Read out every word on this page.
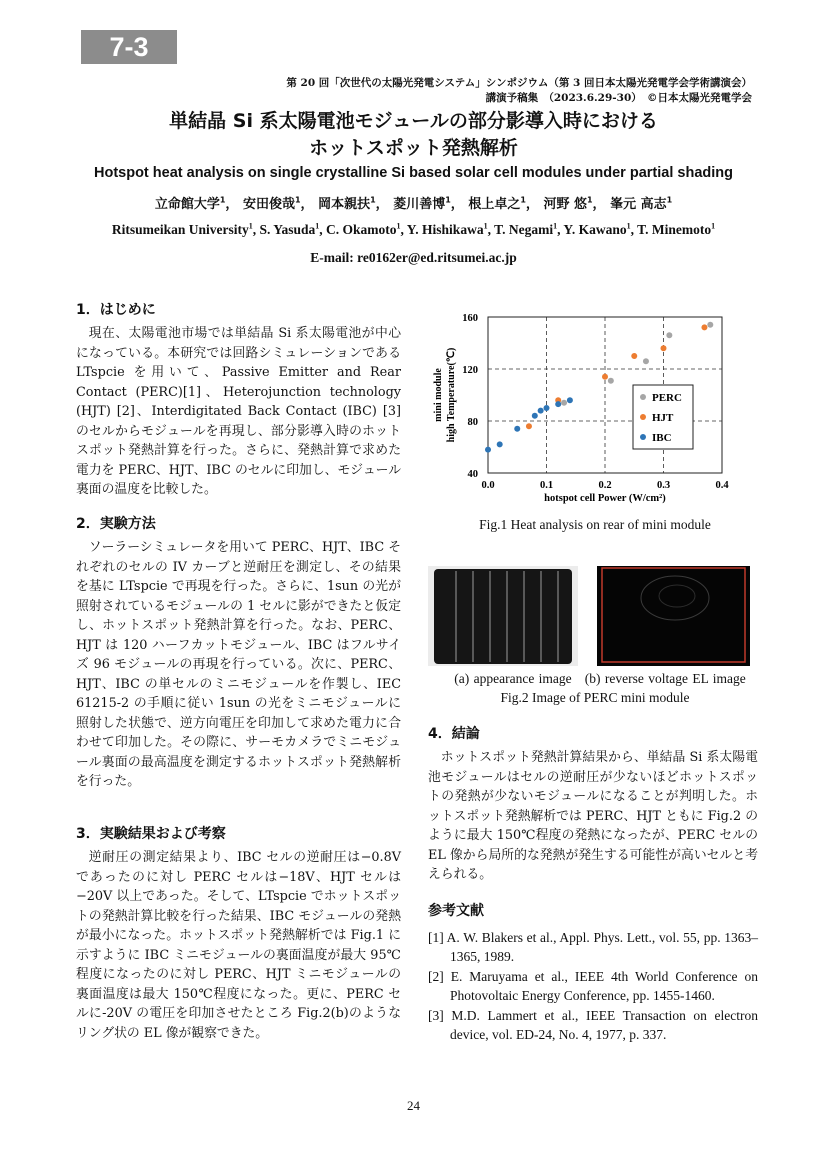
7-3
第 20 回「次世代の太陽光発電システム」シンポジウム（第 3 回日本太陽光発電学会学術講演会）
講演予稿集　（2023.6.29-30）　©日本太陽光発電学会
単結晶 Si 系太陽電池モジュールの部分影導入時における
ホットスポット発熱解析
Hotspot heat analysis on single crystalline Si based solar cell modules under partial shading
立命館大学$^1$， 安田俊哉$^1$， 岡本親扶$^1$， 菱川善博$^1$， 根上卓之$^1$， 河野 悠$^1$， 峯元 高志$^1$
Ritsumeikan University$^1$, S. Yasuda$^1$, C. Okamoto$^1$, Y. Hishikawa$^1$, T. Negami$^1$, Y. Kawano$^1$, T. Minemoto$^1$
E-mail: re0162er@ed.ritsumei.ac.jp
1．はじめに

現在、太陽電池市場では単結晶 Si 系太陽電池が中心になっている。本研究では回路シミュレーションである LTspcie を用いて、Passive Emitter and Rear Contact (PERC)[1]、Heterojunction technology (HJT) [2]、Interdigitated Back Contact (IBC) [3] のセルからモジュールを再現し、部分影導入時のホットスポット発熱計算を行った。さらに、発熱計算で求めた電力を PERC、HJT、IBC のセルに印加し、モジュール裏面の温度を比較した。

2．実験方法

ソーラーシミュレータを用いて PERC、HJT、IBC それぞれのセルの IV カーブと逆耐圧を測定し、その結果を基に LTspcie で再現を行った。さらに、1sun の光が照射されているモジュールの 1 セルに影ができたと仮定し、ホットスポット発熱計算を行った。なお、PERC、HJT は 120 ハーフカットモジュール、IBC はフルサイズ 96 モジュールの再現を行っている。次に、PERC、HJT、IBC の単セルのミニモジュールを作製し、IEC 61215-2 の手順に従い 1sun の光をミニモジュールに照射した状態で、逆方向電圧を印加して求めた電力に合わせて印加した。その際に、サーモカメラでミニモジュール裏面の最高温度を測定するホットスポット発熱解析を行った。

3．実験結果および考察

逆耐圧の測定結果より、IBC セルの逆耐圧は−0.8V であったのに対し PERC セルは−18V、HJT セルは−20V 以上であった。そして、LTspcie でホットスポットの発熱計算比較を行った結果、IBC モジュールの発熱が最小になった。ホットスポット発熱解析では Fig.1 に示すように IBC ミニモジュールの裏面温度が最大 95℃程度になったのに対し PERC、HJT ミニモジュールの裏面温度は最大 150℃程度になった。更に、PERC セルに-20V の電圧を印加させたところ Fig.2(b)のようなリング状の EL 像が観察できた。

0.0	0.1	0.2	0.3	0.4
40
80
120
160
hotspot cell Power (W/cm²)
mini module high Temperature(℃)	PERC
HJT
IBC
Fig.1 Heat analysis on rear of mini module
(a) appearance image (b) reverse voltage EL image
Fig.2 Image of PERC mini module
4．結論

ホットスポット発熱計算結果から、単結晶 Si 系太陽電池モジュールはセルの逆耐圧が少ないほどホットスポットの発熱が少ないモジュールになることが判明した。ホットスポット発熱解析では PERC、HJT ともに Fig.2 のように最大 150℃程度の発熱になったが、PERC セルの EL 像から局所的な発熱が発生する可能性が高いセルと考えられる。

参考文献
[1] A. W. Blakers et al., Appl. Phys. Lett., vol. 55, pp. 1363–1365, 1989.
[2] E. Maruyama et al., IEEE 4th World Conference on Photovoltaic Energy Conference, pp. 1455-1460.
[3] M.D. Lammert et al., IEEE Transaction on electron device, vol. ED-24, No. 4, 1977, p. 337.
24
